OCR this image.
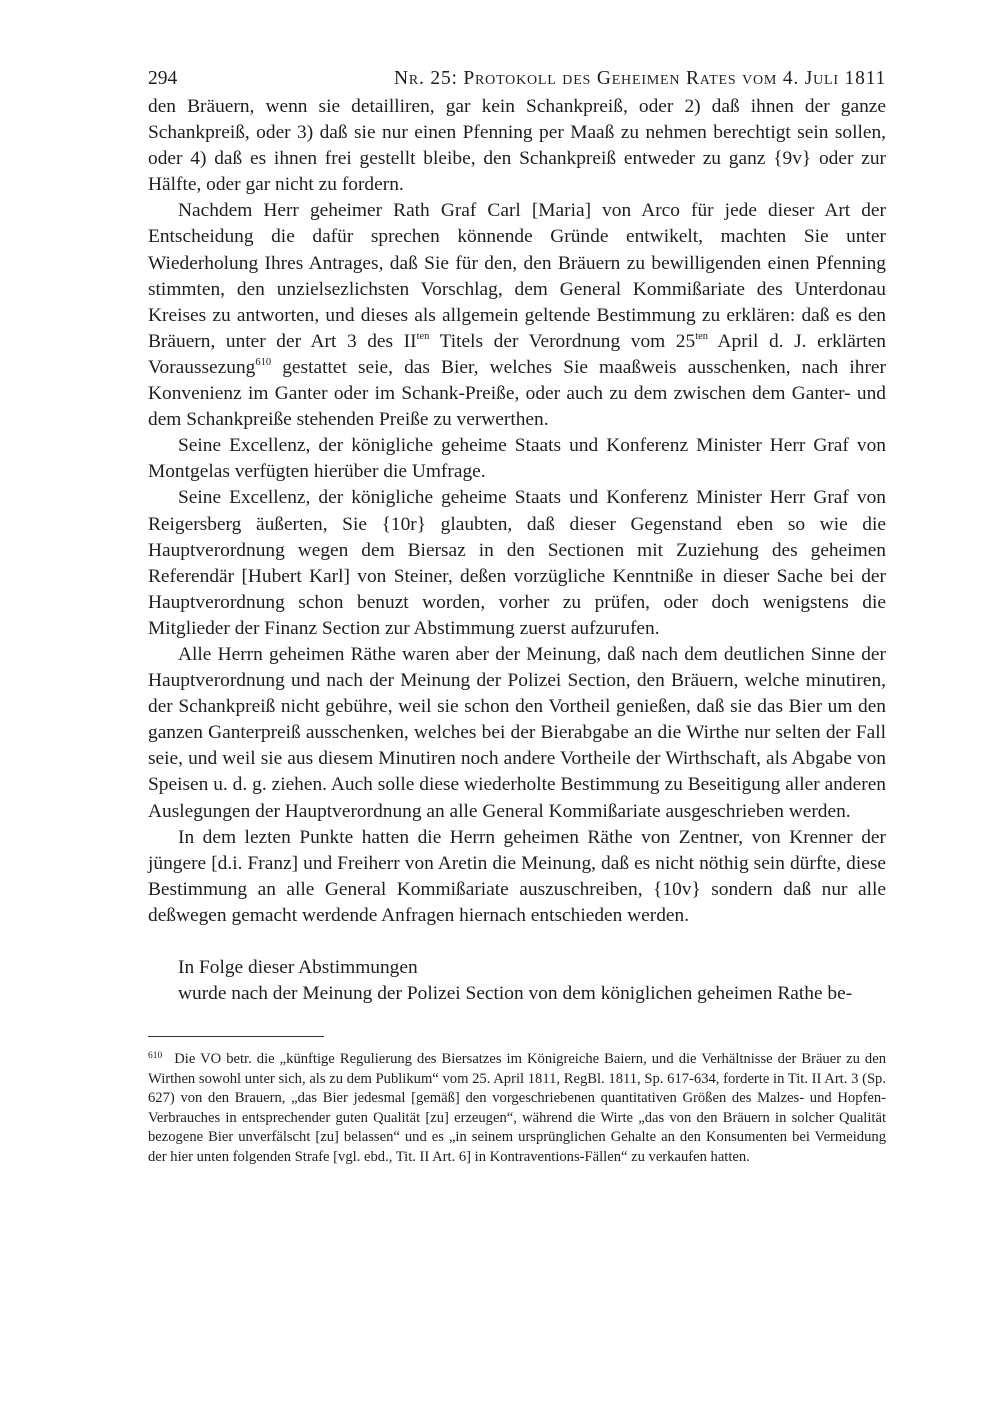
294	Nr. 25: Protokoll des Geheimen Rates vom 4. Juli 1811

den Bräuern, wenn sie detailliren, gar kein Schankpreiß, oder 2) daß ihnen der ganze Schankpreiß, oder 3) daß sie nur einen Pfenning per Maaß zu nehmen berechtigt sein sollen, oder 4) daß es ihnen frei gestellt bleibe, den Schankpreiß entweder zu ganz {9v} oder zur Hälfte, oder gar nicht zu fordern.

Nachdem Herr geheimer Rath Graf Carl [Maria] von Arco für jede dieser Art der Entscheidung die dafür sprechen könnende Gründe entwikelt, machten Sie unter Wiederholung Ihres Antrages, daß Sie für den, den Bräuern zu bewilligenden einen Pfenning stimmten, den unzielsezlichsten Vorschlag, dem General Kommißariate des Unterdonau Kreises zu antworten, und dieses als allgemein geltende Bestimmung zu erklären: daß es den Bräuern, unter der Art 3 des $II^{ten}$ Titels der Verordnung vom $25^{ten}$ April d. J. erklärten Voraussezung$^{610}$ gestattet seie, das Bier, welches Sie maaßweis ausschenken, nach ihrer Konvenienz im Ganter oder im Schank-Preiße, oder auch zu dem zwischen dem Ganter- und dem Schankpreiße stehenden Preiße zu verwerthen.

Seine Excellenz, der königliche geheime Staats und Konferenz Minister Herr Graf von Montgelas verfügten hierüber die Umfrage.

Seine Excellenz, der königliche geheime Staats und Konferenz Minister Herr Graf von Reigersberg äußerten, Sie {10r} glaubten, daß dieser Gegenstand eben so wie die Hauptverordnung wegen dem Biersaz in den Sectionen mit Zuziehung des geheimen Referendär [Hubert Karl] von Steiner, deßen vorzügliche Kenntniße in dieser Sache bei der Hauptverordnung schon benuzt worden, vorher zu prüfen, oder doch wenigstens die Mitglieder der Finanz Section zur Abstimmung zuerst aufzurufen.

Alle Herrn geheimen Räthe waren aber der Meinung, daß nach dem deutlichen Sinne der Hauptverordnung und nach der Meinung der Polizei Section, den Bräuern, welche minutiren, der Schankpreiß nicht gebühre, weil sie schon den Vortheil genießen, daß sie das Bier um den ganzen Ganterpreiß ausschenken, welches bei der Bierabgabe an die Wirthe nur selten der Fall seie, und weil sie aus diesem Minutiren noch andere Vortheile der Wirthschaft, als Abgabe von Speisen u. d. g. ziehen. Auch solle diese wiederholte Bestimmung zu Beseitigung aller anderen Auslegungen der Hauptverordnung an alle General Kommißariate ausgeschrieben werden.

In dem lezten Punkte hatten die Herrn geheimen Räthe von Zentner, von Krenner der jüngere [d.i. Franz] und Freiherr von Aretin die Meinung, daß es nicht nöthig sein dürfte, diese Bestimmung an alle General Kommißariate auszuschreiben, {10v} sondern daß nur alle deßwegen gemacht werdende Anfragen hiernach entschieden werden.

In Folge dieser Abstimmungen

wurde nach der Meinung der Polizei Section von dem königlichen geheimen Rathe be-

$^{610}$ Die VO betr. die „künftige Regulierung des Biersatzes im Königreiche Baiern, und die Verhältnisse der Bräuer zu den Wirthen sowohl unter sich, als zu dem Publikum“ vom 25. April 1811, RegBl. 1811, Sp. 617-634, forderte in Tit. II Art. 3 (Sp. 627) von den Brauern, „das Bier jedesmal [gemäß] den vorgeschriebenen quantitativen Größen des Malzes- und Hopfen-Verbrauches in entsprechender guten Qualität [zu] erzeugen“, während die Wirte „das von den Bräuern in solcher Qualität bezogene Bier unverfälscht [zu] belassen“ und es „in seinem ursprünglichen Gehalte an den Konsumenten bei Vermeidung der hier unten folgenden Strafe [vgl. ebd., Tit. II Art. 6] in Kontraventions-Fällen“ zu verkaufen hatten.
